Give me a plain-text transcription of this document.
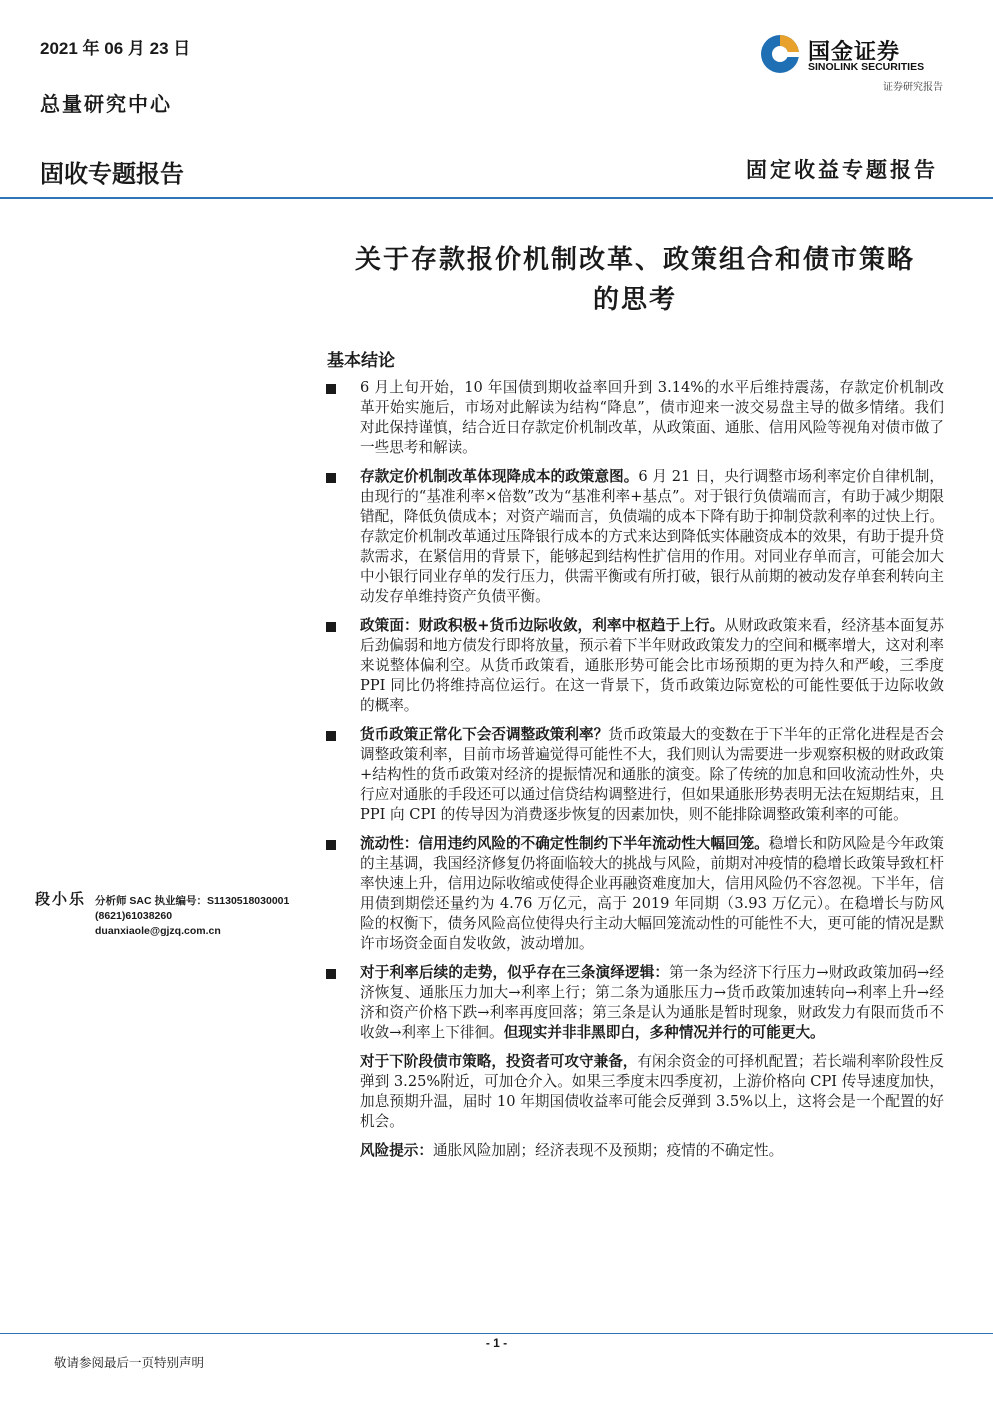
2021 年 06 月 23 日
总量研究中心
固收专题报告	固定收益专题报告
国金证券
SINOLINK SECURITIES
证券研究报告
关于存款报价机制改革、政策组合和债市策略
的思考
基本结论
6 月上旬开始，10 年国债到期收益率回升到 3.14%的水平后维持震荡，存款定价机制改革开始实施后，市场对此解读为结构“降息”，债市迎来一波交易盘主导的做多情绪。我们对此保持谨慎，结合近日存款定价机制改革，从政策面、通胀、信用风险等视角对债市做了一些思考和解读。
存款定价机制改革体现降成本的政策意图。6 月 21 日，央行调整市场利率定价自律机制，由现行的“基准利率×倍数”改为“基准利率+基点”。对于银行负债端而言，有助于减少期限错配，降低负债成本；对资产端而言，负债端的成本下降有助于抑制贷款利率的过快上行。存款定价机制改革通过压降银行成本的方式来达到降低实体融资成本的效果，有助于提升贷款需求，在紧信用的背景下，能够起到结构性扩信用的作用。对同业存单而言，可能会加大中小银行同业存单的发行压力，供需平衡或有所打破，银行从前期的被动发存单套利转向主动发存单维持资产负债平衡。
政策面：财政积极+货币边际收敛，利率中枢趋于上行。从财政政策来看，经济基本面复苏后劲偏弱和地方债发行即将放量，预示着下半年财政政策发力的空间和概率增大，这对利率来说整体偏利空。从货币政策看，通胀形势可能会比市场预期的更为持久和严峻，三季度 PPI 同比仍将维持高位运行。在这一背景下，货币政策边际宽松的可能性要低于边际收敛的概率。
货币政策正常化下会否调整政策利率？货币政策最大的变数在于下半年的正常化进程是否会调整政策利率，目前市场普遍觉得可能性不大，我们则认为需要进一步观察积极的财政政策+结构性的货币政策对经济的提振情况和通胀的演变。除了传统的加息和回收流动性外，央行应对通胀的手段还可以通过信贷结构调整进行，但如果通胀形势表明无法在短期结束，且 PPI 向 CPI 的传导因为消费逐步恢复的因素加快，则不能排除调整政策利率的可能。
流动性：信用违约风险的不确定性制约下半年流动性大幅回笼。稳增长和防风险是今年政策的主基调，我国经济修复仍将面临较大的挑战与风险，前期对冲疫情的稳增长政策导致杠杆率快速上升，信用边际收缩或使得企业再融资难度加大，信用风险仍不容忽视。下半年，信用债到期偿还量约为 4.76 万亿元，高于 2019 年同期（3.93 万亿元）。在稳增长与防风险的权衡下，债务风险高位使得央行主动大幅回笼流动性的可能性不大，更可能的情况是默许市场资金面自发收敛，波动增加。
对于利率后续的走势，似乎存在三条演绎逻辑：第一条为经济下行压力→财政政策加码→经济恢复、通胀压力加大→利率上行；第二条为通胀压力→货币政策加速转向→利率上升→经济和资产价格下跌→利率再度回落；第三条是认为通胀是暂时现象，财政发力有限而货币不收敛→利率上下徘徊。但现实并非非黑即白，多种情况并行的可能更大。
对于下阶段债市策略，投资者可攻守兼备，有闲余资金的可择机配置；若长端利率阶段性反弹到 3.25%附近，可加仓介入。如果三季度末四季度初，上游价格向 CPI 传导速度加快，加息预期升温，届时 10 年期国债收益率可能会反弹到 3.5%以上，这将会是一个配置的好机会。
风险提示：通胀风险加剧；经济表现不及预期；疫情的不确定性。
段小乐 分析师 SAC 执业编号：S1130518030001
(8621)61038260
duanxiaole@gjzq.com.cn
- 1 -
敬请参阅最后一页特别声明
